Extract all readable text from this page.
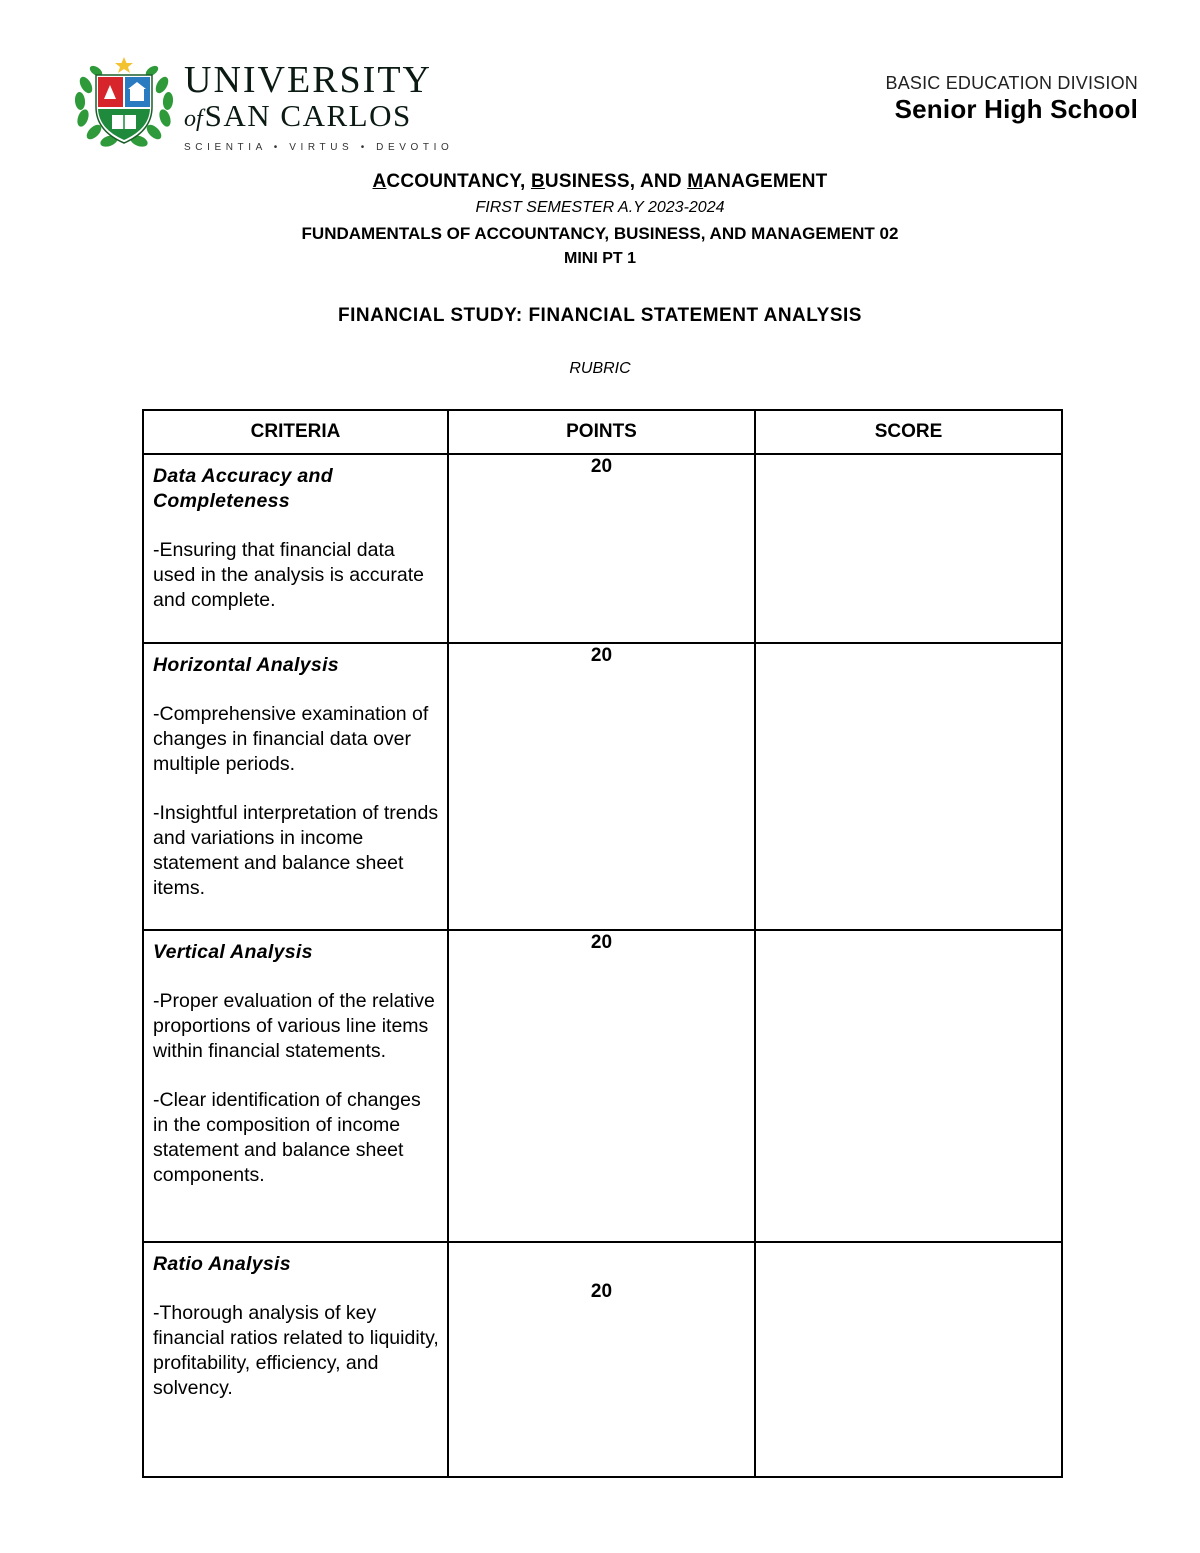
UNIVERSITY
ofSAN CARLOS
SCIENTIA • VIRTUS • DEVOTIO
BASIC EDUCATION DIVISION
Senior High School
ACCOUNTANCY, BUSINESS, AND MANAGEMENT
FIRST SEMESTER A.Y 2023-2024
FUNDAMENTALS OF ACCOUNTANCY, BUSINESS, AND MANAGEMENT 02
MINI PT 1
FINANCIAL STUDY: FINANCIAL STATEMENT ANALYSIS
RUBRIC
CRITERIA	POINTS	SCORE

Data Accuracy and Completeness
-Ensuring that financial data used in the analysis is accurate and complete.	20	

Horizontal Analysis
-Comprehensive examination of changes in financial data over multiple periods.
-Insightful interpretation of trends and variations in income statement and balance sheet items.	20	

Vertical Analysis
-Proper evaluation of the relative proportions of various line items within financial statements.
-Clear identification of changes in the composition of income statement and balance sheet components.	20	

Ratio Analysis
-Thorough analysis of key financial ratios related to liquidity, profitability, efficiency, and solvency.	20	
